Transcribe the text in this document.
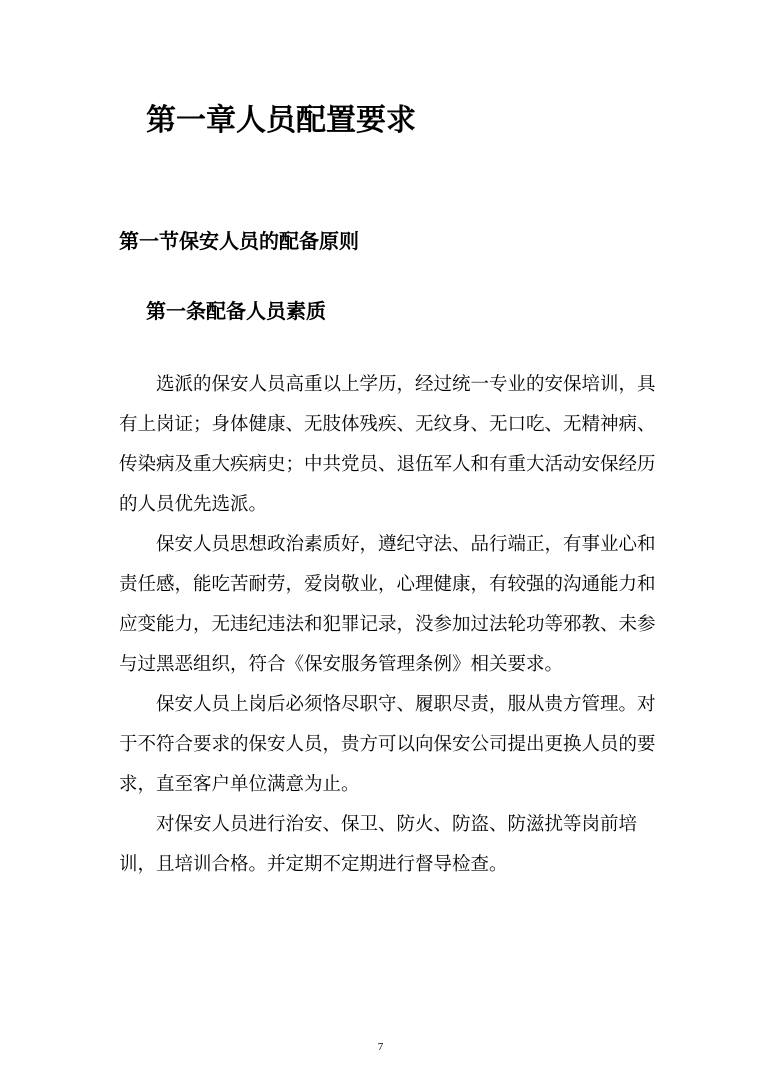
第一章人员配置要求
第一节保安人员的配备原则
第一条配备人员素质

选派的保安人员高重以上学历，经过统一专业的安保培训，具有上岗证；身体健康、无肢体残疾、无纹身、无口吃、无精神病、传染病及重大疾病史；中共党员、退伍军人和有重大活动安保经历的人员优先选派。

保安人员思想政治素质好，遵纪守法、品行端正，有事业心和责任感，能吃苦耐劳，爱岗敬业，心理健康，有较强的沟通能力和应变能力，无违纪违法和犯罪记录，没参加过法轮功等邪教、未参与过黑恶组织，符合《保安服务管理条例》相关要求。

保安人员上岗后必须恪尽职守、履职尽责，服从贵方管理。对于不符合要求的保安人员，贵方可以向保安公司提出更换人员的要求，直至客户单位满意为止。

对保安人员进行治安、保卫、防火、防盗、防滋扰等岗前培训，且培训合格。并定期不定期进行督导检查。

7
